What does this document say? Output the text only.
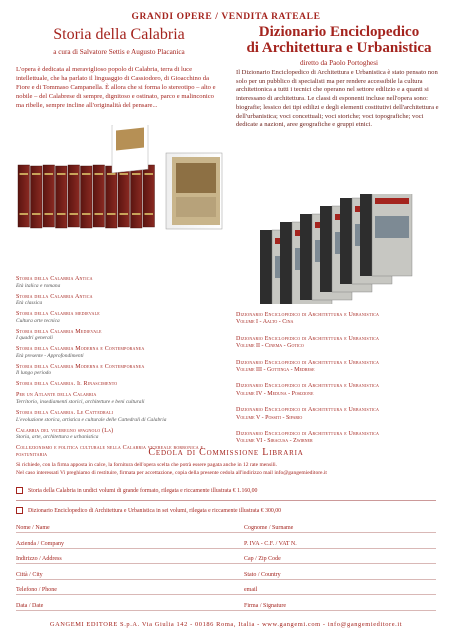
GRANDI OPERE / VENDITA RATEALE
Storia della Calabria
a cura di Salvatore Settis e Augusto Placanica
L'opera è dedicata al meraviglioso popolo di Calabria, terra di luce intellettuale, che ha parlato il linguaggio di Cassiodoro, di Gioacchino da Fiore e di Tommaso Campanella. È allora che si forma lo stereotipo – alto e nobile – del Calabrese di sempre, dignitoso e ostinato, parco e malinconico ma ribelle, sempre incline all'originalità del pensare...
Dizionario Enciclopedico
di Architettura e Urbanistica
diretto da Paolo Portoghesi
Il Dizionario Enciclopedico di Architettura e Urbanistica è stato pensato non solo per un pubblico di specialisti ma per rendere accessibile la cultura architettonica a tutti i tecnici che operano nel settore edilizio e a quanti si interessano di architettura. Le classi di esponenti incluse nell'opera sono: biografie; lessico dei tipi edilizi e degli elementi costitutivi dell'architettura e dell'urbanistica; voci concettuali; voci storiche; voci topografiche; voci dedicate a nazioni, aree geografiche e gruppi etnici.
Storia della Calabria Antica
Età italica e romana
Storia della Calabria Antica
Età classica
Storia della Calabria medievale
Cultura arte tecnica
Storia della Calabria Medievale
I quadri generali
Storia della Calabria Moderna e Contemporanea
Età presente - Approfondimenti
Storia della Calabria Moderna e Contemporanea
Il lungo periodo
Storia della Calabria. Il Rinascimento
Per un Atlante della Calabria
Territorio, insediamenti storici, architetture e beni culturali
Storia della Calabria. Le Cattedrali
L'evoluzione storica, artistica e culturale delle Cattedrali di Calabria
Calabria del viceregno spagnolo (La)
Storia, arte, architettura e urbanistica
Collezionismo e politica culturale nella Calabria vicereale borbonica e postunitaria
Dizionario Enciclopedico di Architettura e Urbanistica
Volume I - Aalto - Cina
Dizionario Enciclopedico di Architettura e Urbanistica
Volume II - Cinema - Gotico
Dizionario Enciclopedico di Architettura e Urbanistica
Volume III - Gottinga - Medrese
Dizionario Enciclopedico di Architettura e Urbanistica
Volume IV - Meduna - Posizione
Dizionario Enciclopedico di Architettura e Urbanistica
Volume V - Possiti - Sipario
Dizionario Enciclopedico di Architettura e Urbanistica
Volume VI - Siracusa - Zwirner
Cedola di Commissione Libraria
Si richiede, con la firma apposta in calce, la fornitura dell'opera scelta che potrà essere pagata anche in 12 rate mensili.
Nel caso interessati Vi preghiamo di restituire, firmata per accettazione, copia della presente cedola all'indirizzo mail info@gangemieditore.it
Storia della Calabria in undici volumi di grande formato, rilegata e riccamente illustrata € 1.160,00
Dizionario Enciclopedico di Architettura e Urbanistica in sei volumi, rilegata e riccamente illustrata € 300,00
Nome / Name	Cognome / Surname
Azienda / Company	P. IVA - C.F. / VAT N.
Indirizzo / Address	Cap / Zip Code
Città / City	Stato / Country
Telefono / Phone	email
Data / Date	Firma / Signature
GANGEMI EDITORE S.p.A. Via Giulia 142 - 00186 Roma, Italia - www.gangemi.com - info@gangemieditore.it
